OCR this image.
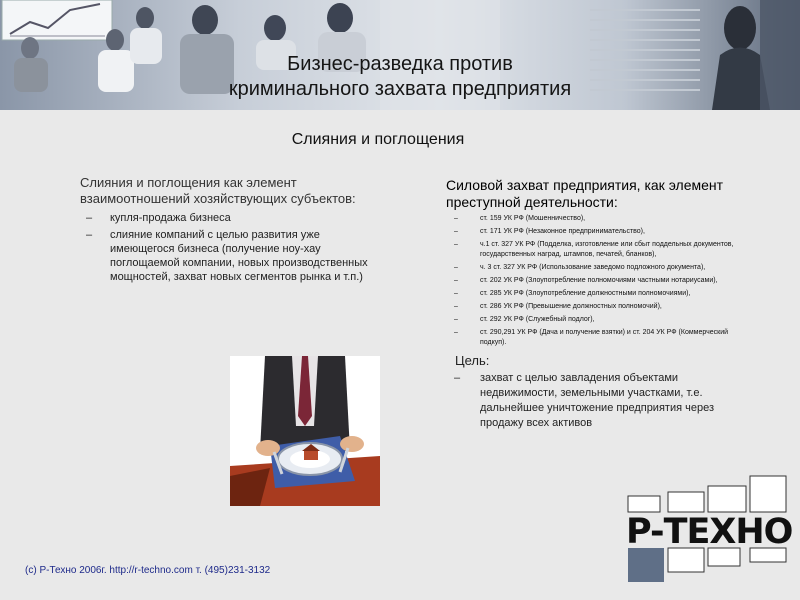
Бизнес-разведка против
криминального захвата предприятия
Слияния и поглощения

Слияния и поглощения как элемент взаимоотношений хозяйствующих субъектов:

– купля-продажа бизнеса
– слияние компаний с целью развития уже имеющегося бизнеса (получение ноу-хау поглощаемой компании, новых производственных мощностей, захват новых сегментов рынка и т.п.)

Силовой захват предприятия, как элемент преступной деятельности:

– ст. 159 УК РФ (Мошенничество),
– ст. 171 УК РФ (Незаконное предпринимательство),
– ч.1 ст. 327 УК РФ (Подделка, изготовление или сбыт поддельных документов, государственных наград, штампов, печатей, бланков),
– ч. 3 ст. 327 УК РФ (Использование заведомо подложного документа),
– ст. 202 УК РФ (Злоупотребление полномочиями частными нотариусами),
– ст. 285 УК РФ (Злоупотребление должностными полномочиями),
– ст. 286 УК РФ (Превышение должностных полномочий),
– ст. 292 УК РФ (Служебный подлог),
– ст. 290,291 УК РФ (Дача и получение взятки) и ст. 204 УК РФ (Коммерческий подкуп).

Цель:

– захват с целью завладения объектами недвижимости, земельными участками, т.е. дальнейшее уничтожение предприятия через продажу всех активов
P-ТЕХНО
(c) Р-Техно 2006г. http://r-techno.com т. (495)231-3132
